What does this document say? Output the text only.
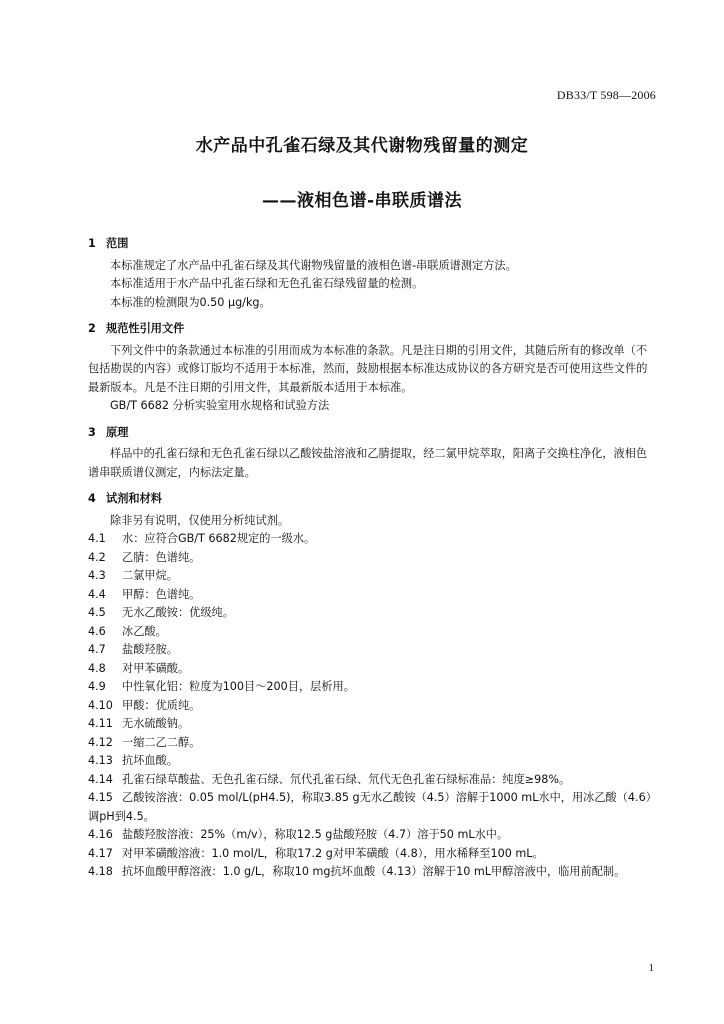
DB33/T 598—2006
水产品中孔雀石绿及其代谢物残留量的测定
——液相色谱-串联质谱法
1 范围

本标准规定了水产品中孔雀石绿及其代谢物残留量的液相色谱-串联质谱测定方法。

本标准适用于水产品中孔雀石绿和无色孔雀石绿残留量的检测。

本标准的检测限为0.50 μg/kg。

2 规范性引用文件

下列文件中的条款通过本标准的引用而成为本标准的条款。凡是注日期的引用文件，其随后所有的修改单（不包括勘误的内容）或修订版均不适用于本标准，然而，鼓励根据本标准达成协议的各方研究是否可使用这些文件的最新版本。凡是不注日期的引用文件，其最新版本适用于本标准。

GB/T 6682 分析实验室用水规格和试验方法

3 原理

样品中的孔雀石绿和无色孔雀石绿以乙酸铵盐溶液和乙腈提取，经二氯甲烷萃取，阳离子交换柱净化，液相色谱串联质谱仪测定，内标法定量。

4 试剂和材料

除非另有说明，仅使用分析纯试剂。

4.1 水：应符合GB/T 6682规定的一级水。

4.2 乙腈：色谱纯。

4.3 二氯甲烷。

4.4 甲醇：色谱纯。

4.5 无水乙酸铵：优级纯。

4.6 冰乙酸。

4.7 盐酸羟胺。

4.8 对甲苯磺酸。

4.9 中性氧化铝：粒度为100目～200目，层析用。

4.10 甲酸：优质纯。

4.11 无水硫酸钠。

4.12 一缩二乙二醇。

4.13 抗坏血酸。

4.14 孔雀石绿草酸盐、无色孔雀石绿、氘代孔雀石绿、氘代无色孔雀石绿标准品：纯度≥98%。

4.15 乙酸铵溶液：0.05 mol/L(pH4.5)，称取3.85 g无水乙酸铵（4.5）溶解于1000 mL水中，用冰乙酸（4.6）调pH到4.5。

4.16 盐酸羟胺溶液：25%（m/v），称取12.5 g盐酸羟胺（4.7）溶于50 mL水中。

4.17 对甲苯磺酸溶液：1.0 mol/L，称取17.2 g对甲苯磺酸（4.8），用水稀释至100 mL。

4.18 抗坏血酸甲醇溶液：1.0 g/L，称取10 mg抗坏血酸（4.13）溶解于10 mL甲醇溶液中，临用前配制。

1
